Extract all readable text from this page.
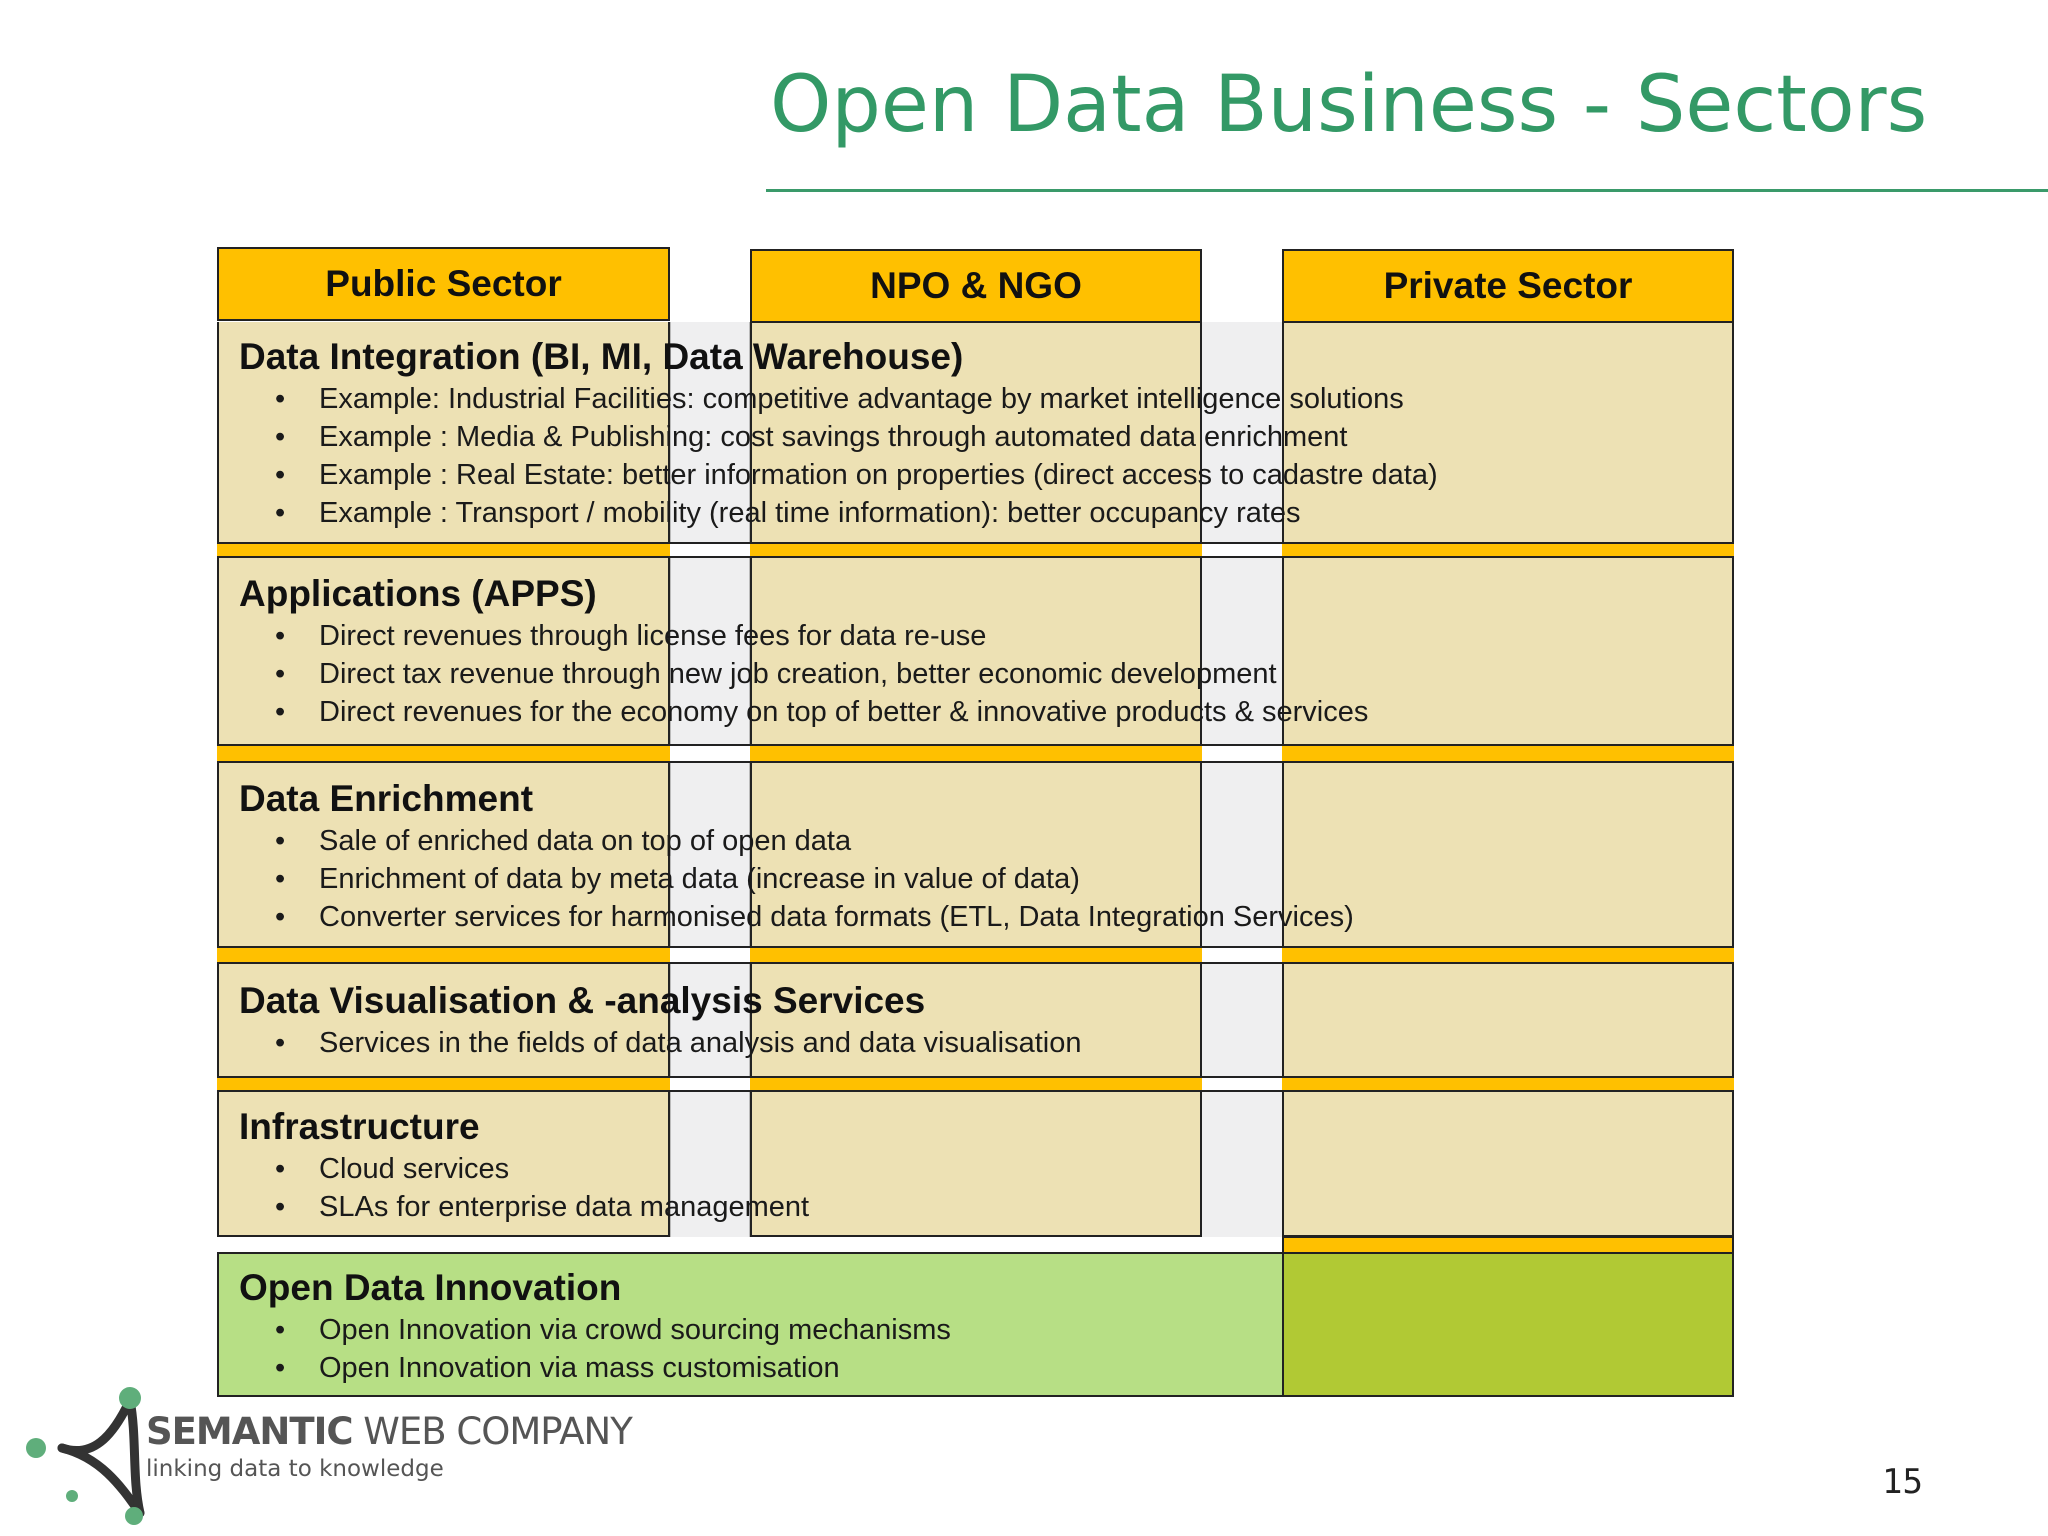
Open Data Business - Sectors
Public Sector	NPO & NGO	Private Sector
Data Integration (BI, MI, Data Warehouse)
• Example: Industrial Facilities: competitive advantage by market intelligence solutions
• Example : Media & Publishing: cost savings through automated data enrichment
• Example : Real Estate: better information on properties (direct access to cadastre data)
• Example : Transport / mobility (real time information): better occupancy rates
Applications (APPS)
• Direct revenues through license fees for data re-use
• Direct tax revenue through new job creation, better economic development
• Direct revenues for the economy on top of better & innovative products & services
Data Enrichment
• Sale of enriched data on top of open data
• Enrichment of data by meta data (increase in value of data)
• Converter services for harmonised data formats (ETL, Data Integration Services)
Data Visualisation & -analysis Services
• Services in the fields of data analysis and data visualisation
Infrastructure
• Cloud services
• SLAs for enterprise data management
Open Data Innovation
• Open Innovation via crowd sourcing mechanisms
• Open Innovation via mass customisation
SEMANTIC WEB COMPANY
linking data to knowledge	15
